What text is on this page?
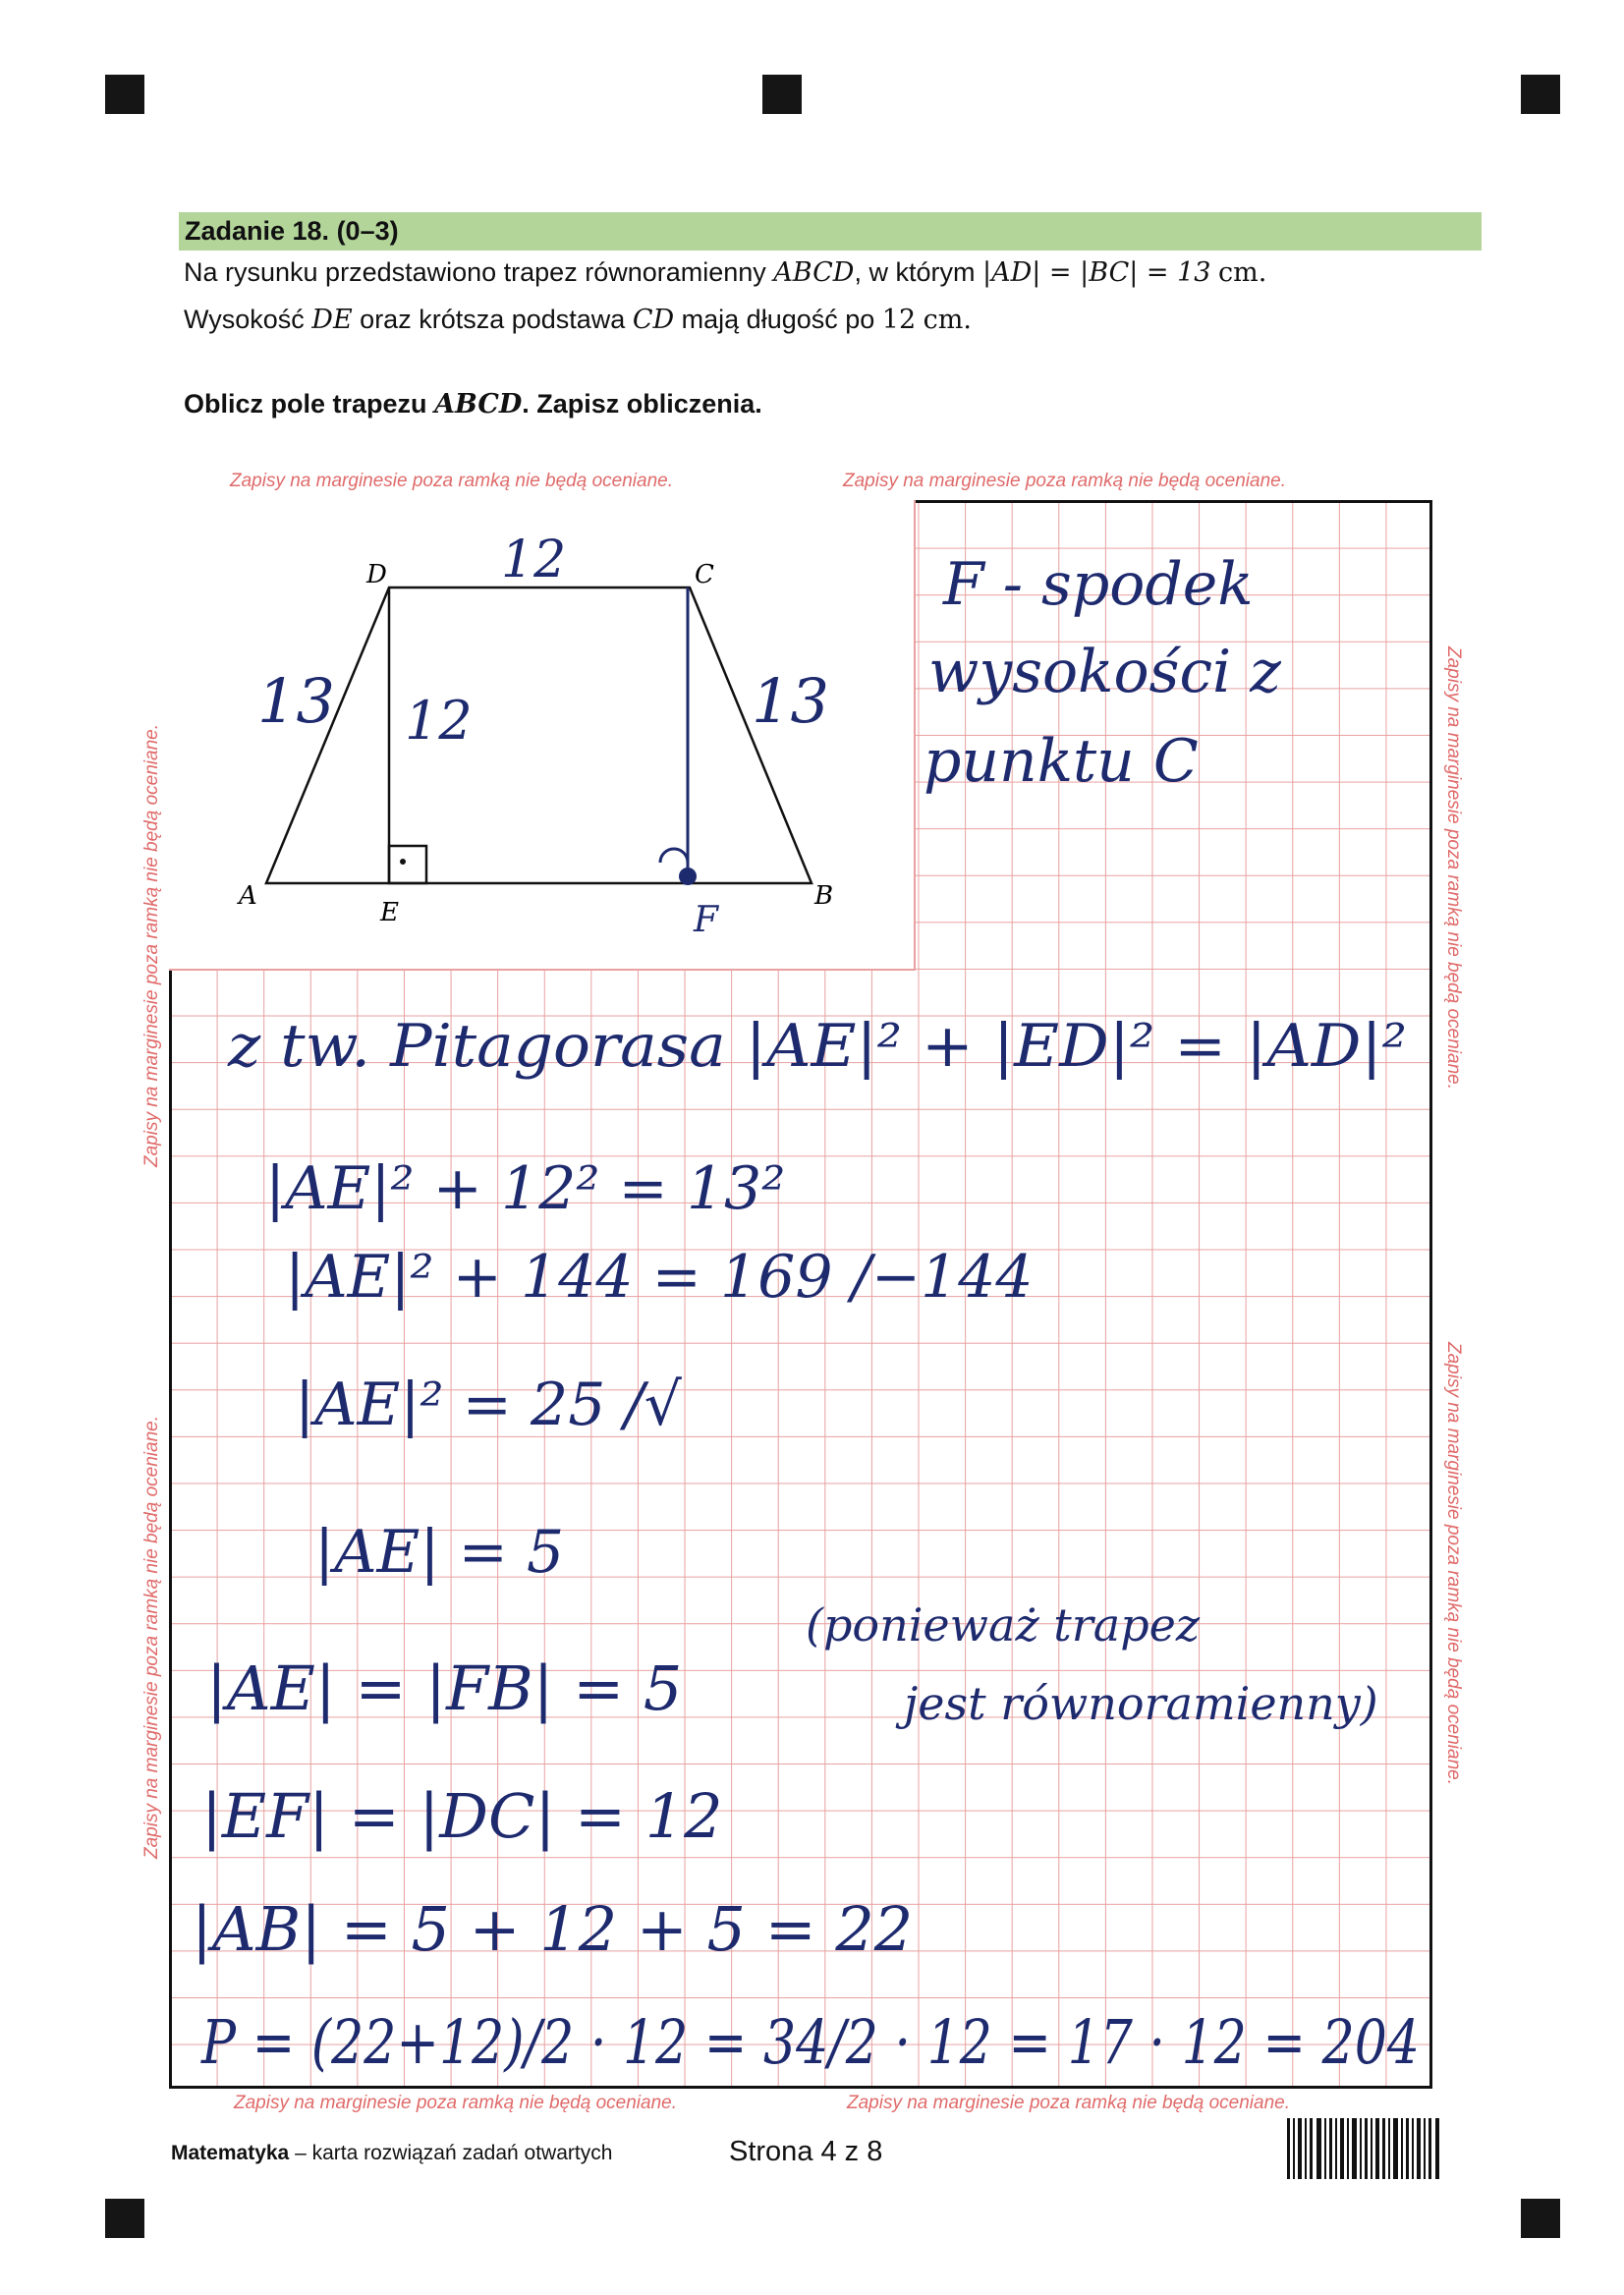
Zadanie 18. (0–3)
Na rysunku przedstawiono trapez równoramienny ABCD, w którym |AD| = |BC| = 13 cm.
Wysokość DE oraz krótsza podstawa CD mają długość po 12 cm.
Oblicz pole trapezu ABCD. Zapisz obliczenia.
Zapisy na marginesie poza ramką nie będą oceniane.	Zapisy na marginesie poza ramką nie będą oceniane.
Zapisy na marginesie poza ramką nie będą oceniane.	Zapisy na marginesie poza ramką nie będą oceniane.
Zapisy na marginesie poza ramką nie będą oceniane.
Zapisy na marginesie poza ramką nie będą oceniane.
Zapisy na marginesie poza ramką nie będą oceniane.
Zapisy na marginesie poza ramką nie będą oceniane.
A	B
C
D
E
12
13 12	13
F
F - spodek
wysokości z
punktu C
z tw. Pitagorasa |AE|² + |ED|² = |AD|²
|AE|² + 12² = 13²
|AE|² + 144 = 169 /−144
|AE|² = 25 /√
|AE| = 5
|AE| = |FB| = 5
(ponieważ trapez
jest równoramienny)
|EF| = |DC| = 12
|AB| = 5 + 12 + 5 = 22
P = (22+12)/2 · 12 = 34/2 · 12 = 17 · 12 = 204
Matematyka – karta rozwiązań zadań otwartych	Strona 4 z 8
